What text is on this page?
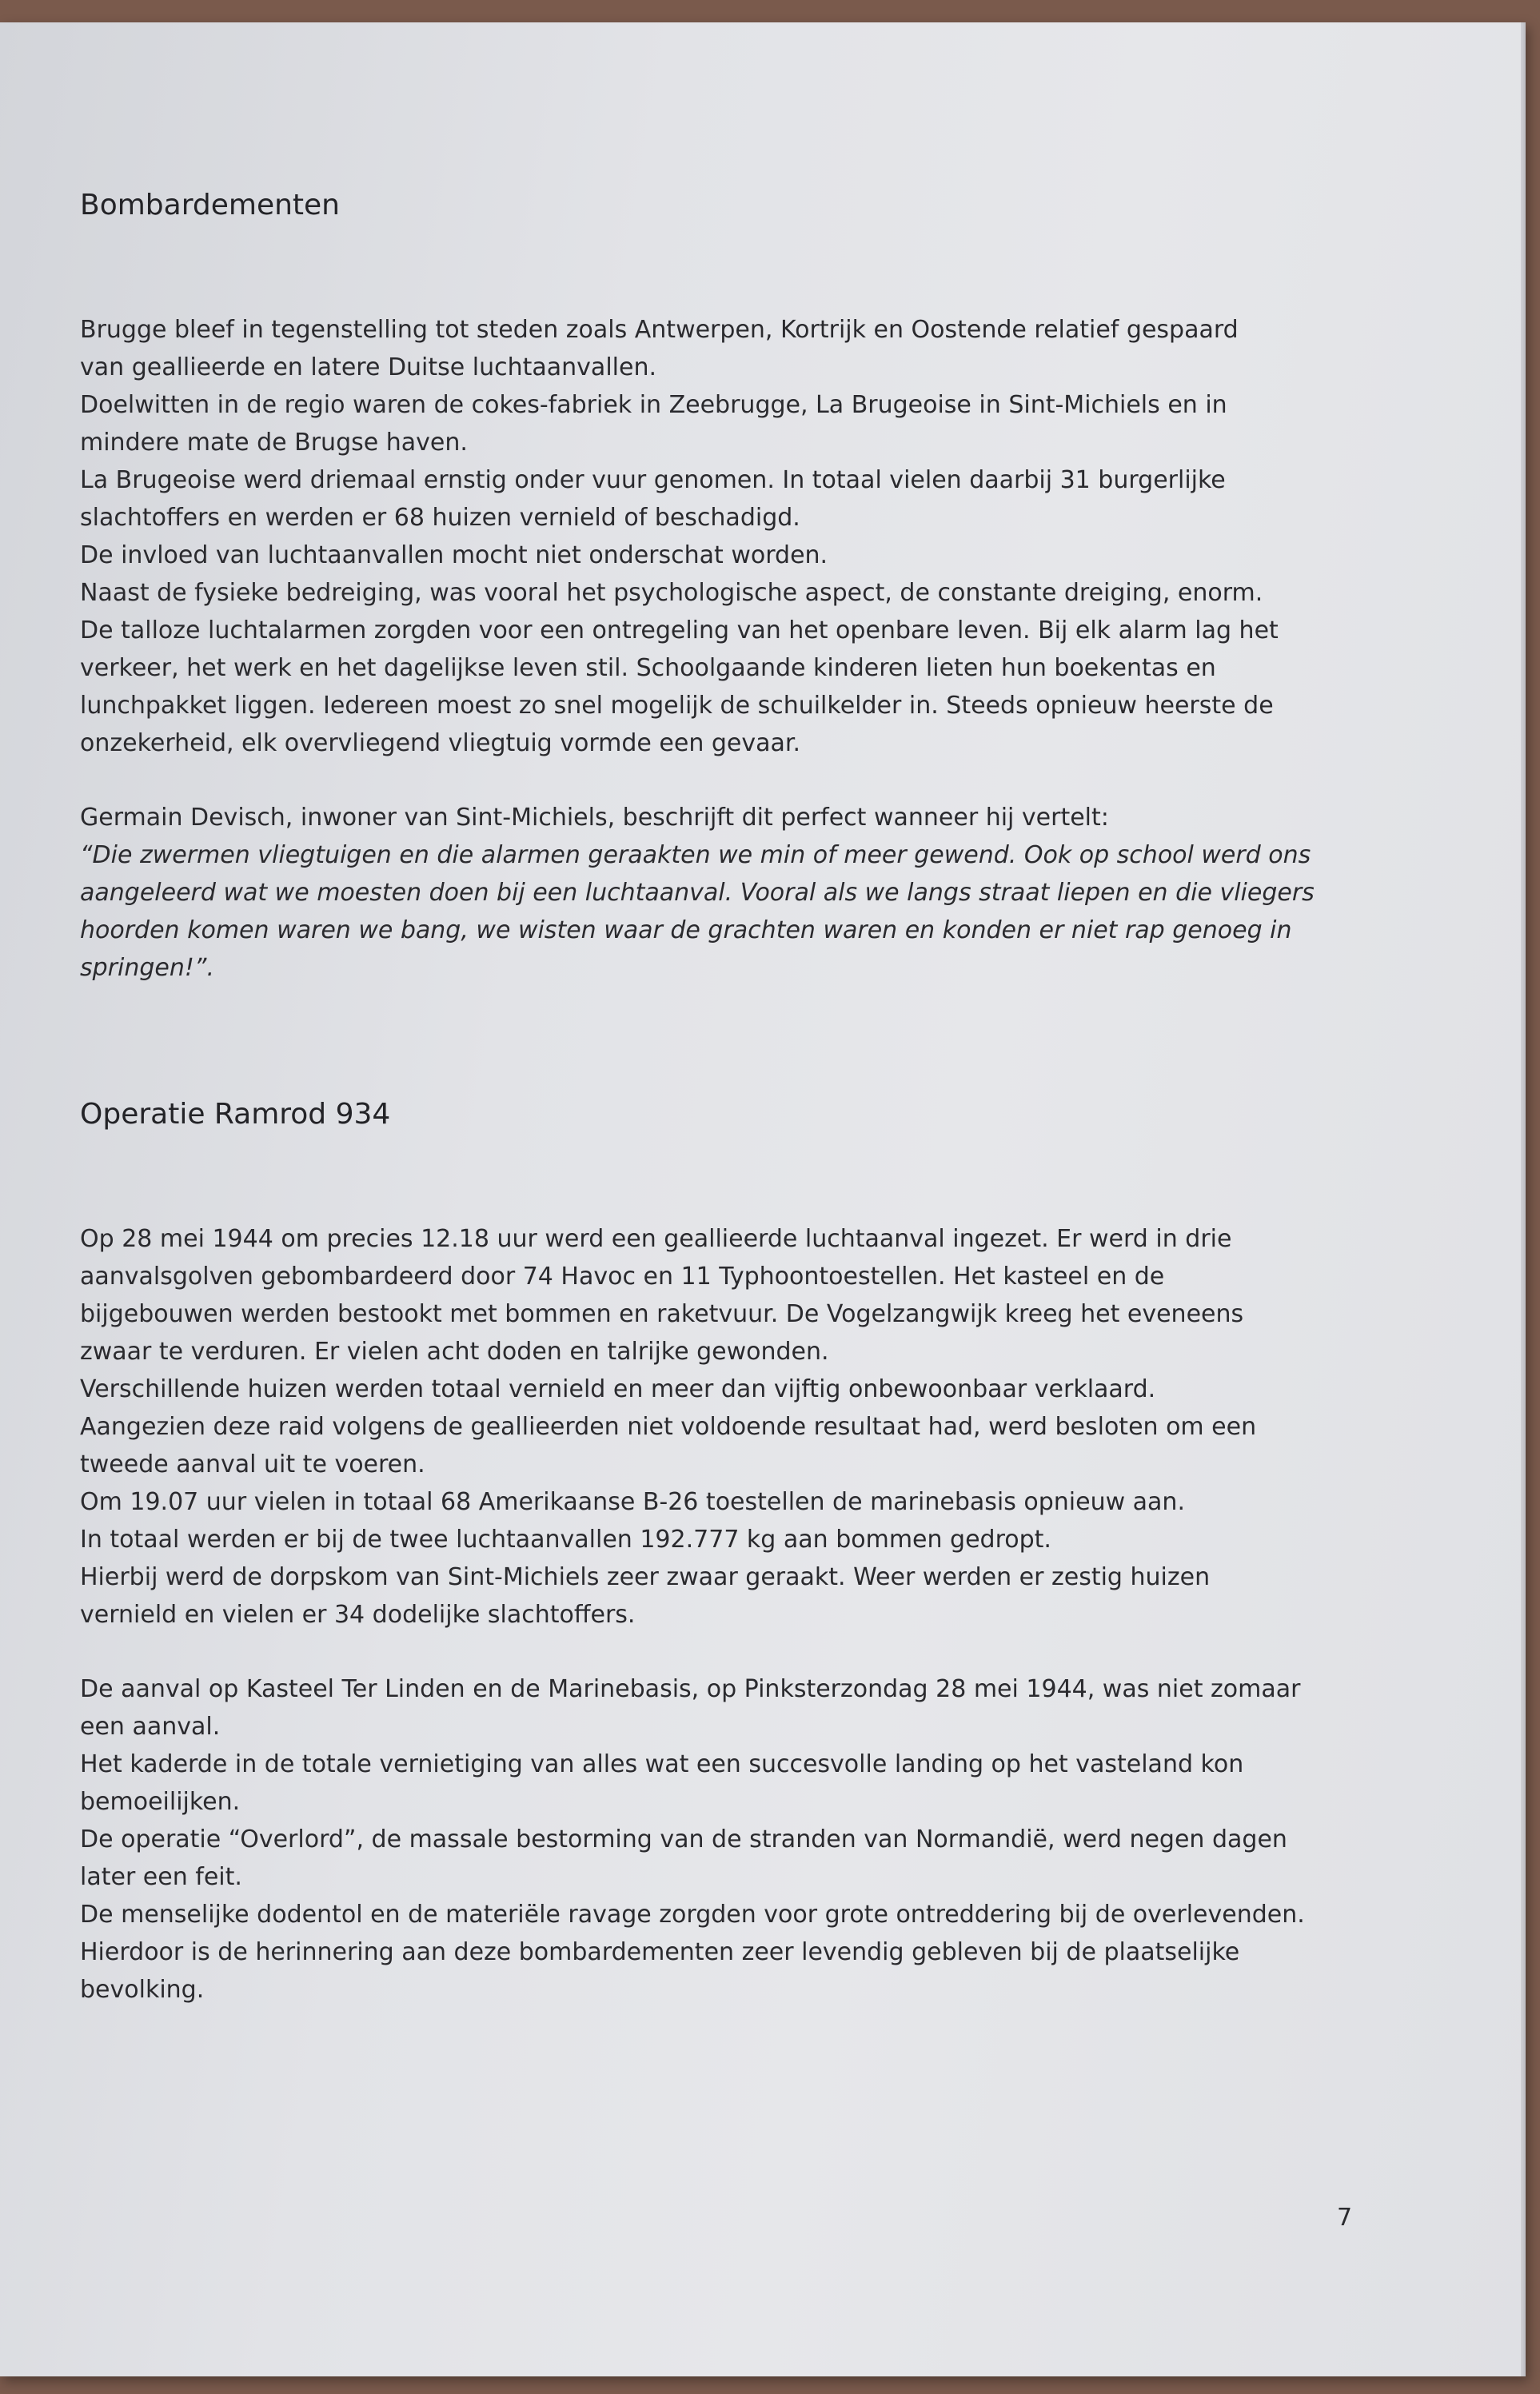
Bombardementen

Brugge bleef in tegenstelling tot steden zoals Antwerpen, Kortrijk en Oostende relatief gespaard
van geallieerde en latere Duitse luchtaanvallen.
Doelwitten in de regio waren de cokes-fabriek in Zeebrugge, La Brugeoise in Sint-Michiels en in
mindere mate de Brugse haven.
La Brugeoise werd driemaal ernstig onder vuur genomen. In totaal vielen daarbij 31 burgerlijke
slachtoffers en werden er 68 huizen vernield of beschadigd.
De invloed van luchtaanvallen mocht niet onderschat worden.
Naast de fysieke bedreiging, was vooral het psychologische aspect, de constante dreiging, enorm.
De talloze luchtalarmen zorgden voor een ontregeling van het openbare leven. Bij elk alarm lag het
verkeer, het werk en het dagelijkse leven stil. Schoolgaande kinderen lieten hun boekentas en
lunchpakket liggen. Iedereen moest zo snel mogelijk de schuilkelder in. Steeds opnieuw heerste de
onzekerheid, elk overvliegend vliegtuig vormde een gevaar.

Germain Devisch, inwoner van Sint-Michiels, beschrijft dit perfect wanneer hij vertelt:

“Die zwermen vliegtuigen en die alarmen geraakten we min of meer gewend. Ook op school werd ons
aangeleerd wat we moesten doen bij een luchtaanval. Vooral als we langs straat liepen en die vliegers
hoorden komen waren we bang, we wisten waar de grachten waren en konden er niet rap genoeg in
springen!”.

Operatie Ramrod 934

Op 28 mei 1944 om precies 12.18 uur werd een geallieerde luchtaanval ingezet. Er werd in drie
aanvalsgolven gebombardeerd door 74 Havoc en 11 Typhoontoestellen. Het kasteel en de
bijgebouwen werden bestookt met bommen en raketvuur. De Vogelzangwijk kreeg het eveneens
zwaar te verduren. Er vielen acht doden en talrijke gewonden.
Verschillende huizen werden totaal vernield en meer dan vijftig onbewoonbaar verklaard.
Aangezien deze raid volgens de geallieerden niet voldoende resultaat had, werd besloten om een
tweede aanval uit te voeren.
Om 19.07 uur vielen in totaal 68 Amerikaanse B-26 toestellen de marinebasis opnieuw aan.
In totaal werden er bij de twee luchtaanvallen 192.777 kg aan bommen gedropt.
Hierbij werd de dorpskom van Sint-Michiels zeer zwaar geraakt. Weer werden er zestig huizen
vernield en vielen er 34 dodelijke slachtoffers.

De aanval op Kasteel Ter Linden en de Marinebasis, op Pinksterzondag 28 mei 1944, was niet zomaar
een aanval.
Het kaderde in de totale vernietiging van alles wat een succesvolle landing op het vasteland kon
bemoeilijken.
De operatie “Overlord”, de massale bestorming van de stranden van Normandië, werd negen dagen
later een feit.
De menselijke dodentol en de materiële ravage zorgden voor grote ontreddering bij de overlevenden.
Hierdoor is de herinnering aan deze bombardementen zeer levendig gebleven bij de plaatselijke
bevolking.

7
